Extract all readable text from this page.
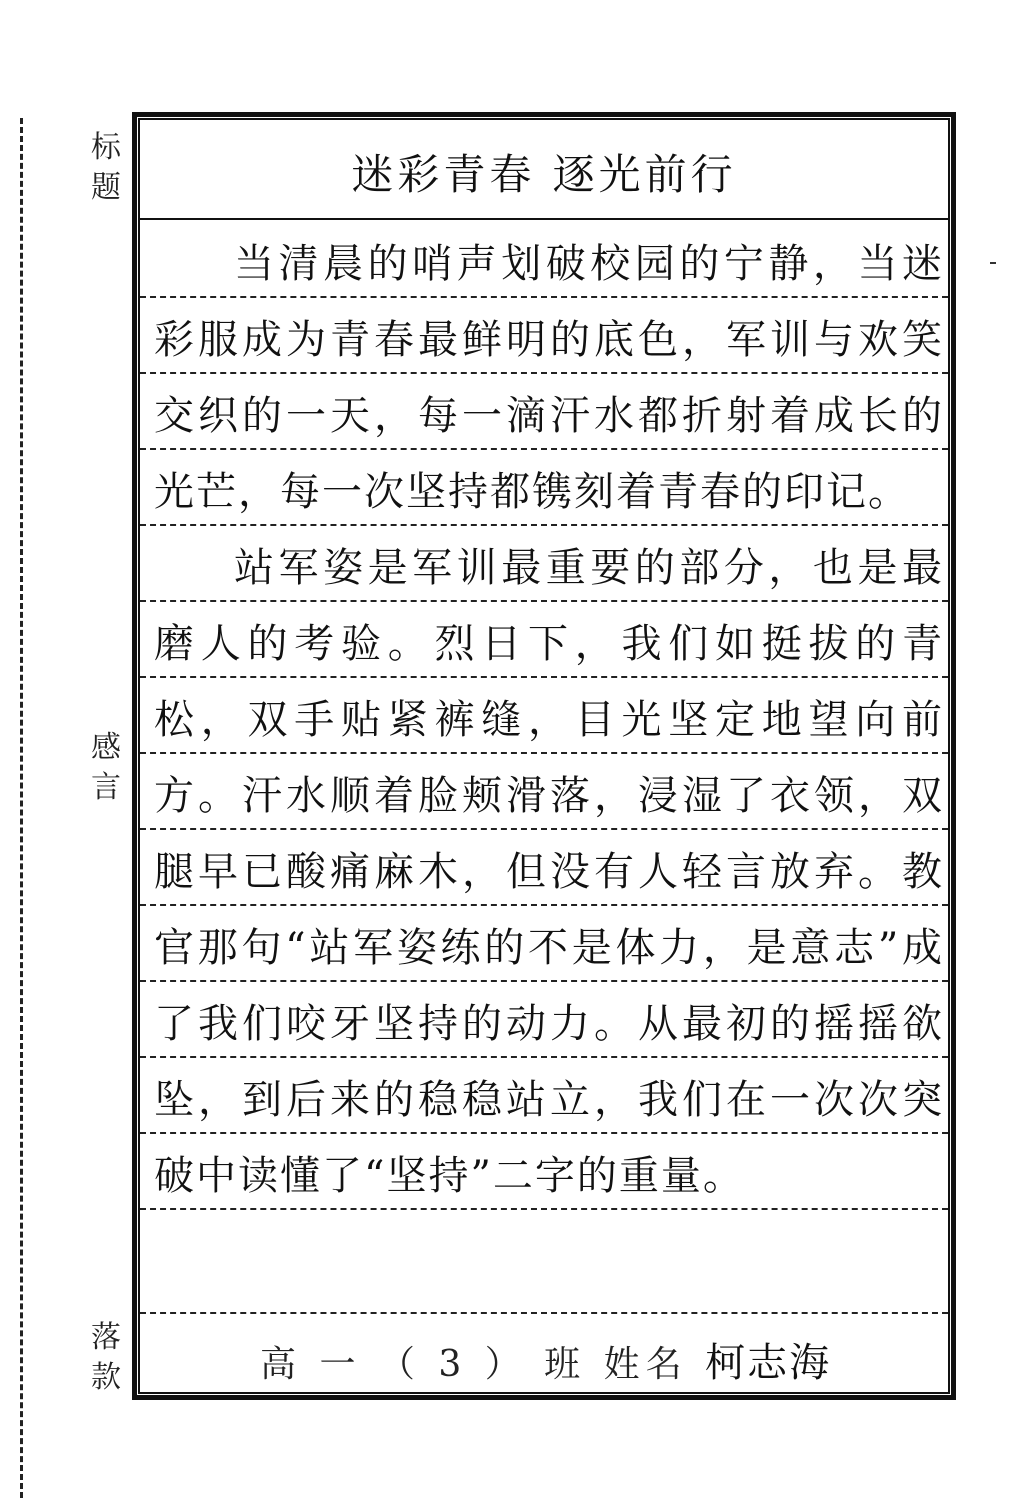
标
题
感
言
落
款
迷彩青春 逐光前行
当清晨的哨声划破校园的宁静，当迷彩服成为青春最鲜明的底色，军训与欢笑交织的一天，每一滴汗水都折射着成长的光芒，每一次坚持都镌刻着青春的印记。
站军姿是军训最重要的部分，也是最磨人的考验。烈日下，我们如挺拔的青松，双手贴紧裤缝，目光坚定地望向前方。汗水顺着脸颊滑落，浸湿了衣领，双腿早已酸痛麻木，但没有人轻言放弃。教官那句“站军姿练的不是体力，是意志”成了我们咬牙坚持的动力。从最初的摇摇欲坠，到后来的稳稳站立，我们在一次次突破中读懂了“坚持”二字的重量。
高 一 （ 3 ） 班 姓名 柯志海
